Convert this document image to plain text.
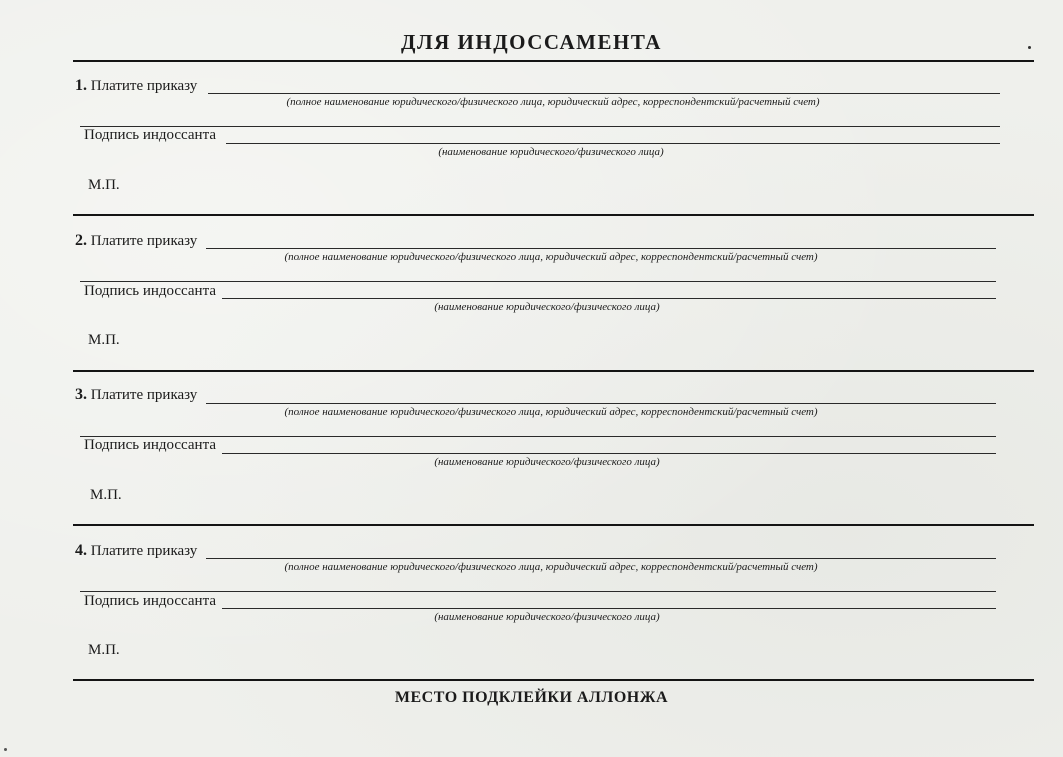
ДЛЯ ИНДОССАМЕНТА
1. Платите приказу
(полное наименование юридического/физического лица, юридический адрес, корреспондентский/расчетный счет)
Подпись индоссанта
(наименование юридического/физического лица)
М.П.
2. Платите приказу
(полное наименование юридического/физического лица, юридический адрес, корреспондентский/расчетный счет)
Подпись индоссанта
(наименование юридического/физического лица)
М.П.
3. Платите приказу
(полное наименование юридического/физического лица, юридический адрес, корреспондентский/расчетный счет)
Подпись индоссанта
(наименование юридического/физического лица)
М.П.
4. Платите приказу
(полное наименование юридического/физического лица, юридический адрес, корреспондентский/расчетный счет)
Подпись индоссанта
(наименование юридического/физического лица)
М.П.
МЕСТО ПОДКЛЕЙКИ АЛЛОНЖА
